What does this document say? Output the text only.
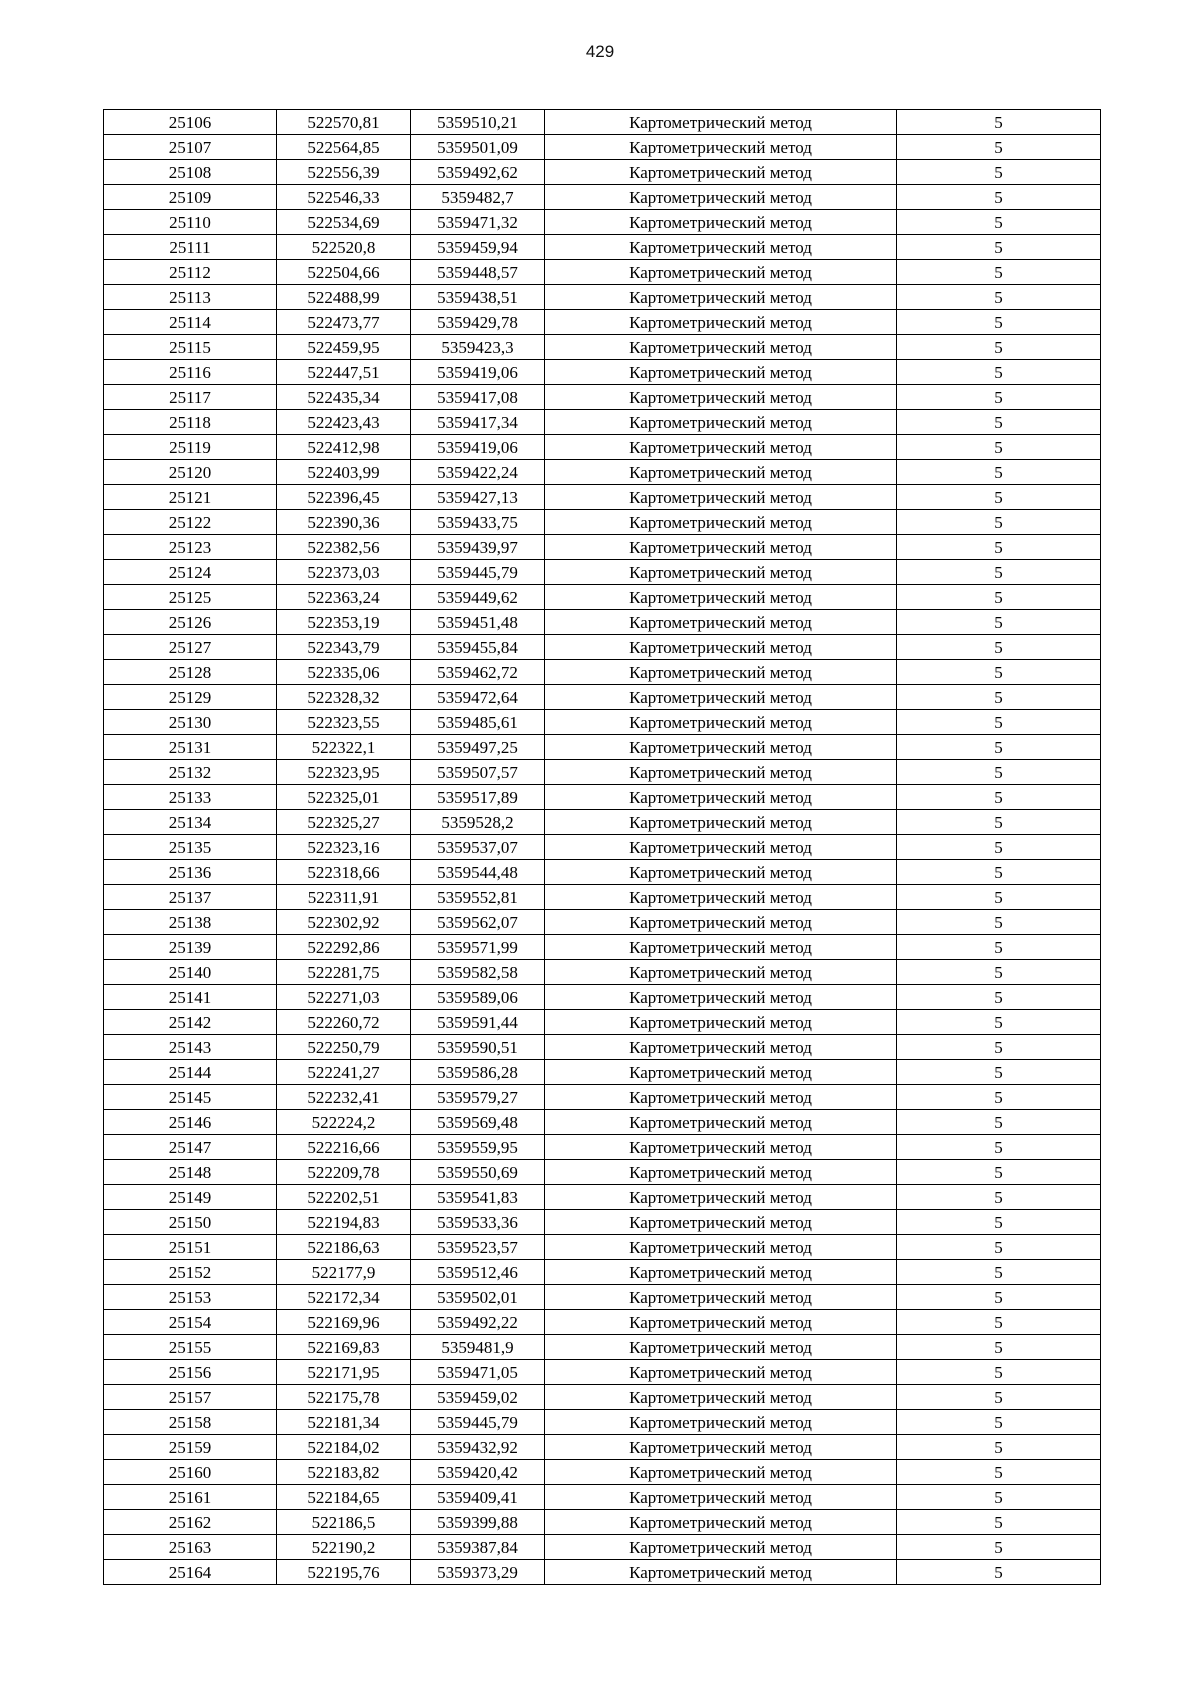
429
25106	522570,81	5359510,21	Картометрический метод	5
25107	522564,85	5359501,09	Картометрический метод	5
25108	522556,39	5359492,62	Картометрический метод	5
25109	522546,33	5359482,7	Картометрический метод	5
25110	522534,69	5359471,32	Картометрический метод	5
25111	522520,8	5359459,94	Картометрический метод	5
25112	522504,66	5359448,57	Картометрический метод	5
25113	522488,99	5359438,51	Картометрический метод	5
25114	522473,77	5359429,78	Картометрический метод	5
25115	522459,95	5359423,3	Картометрический метод	5
25116	522447,51	5359419,06	Картометрический метод	5
25117	522435,34	5359417,08	Картометрический метод	5
25118	522423,43	5359417,34	Картометрический метод	5
25119	522412,98	5359419,06	Картометрический метод	5
25120	522403,99	5359422,24	Картометрический метод	5
25121	522396,45	5359427,13	Картометрический метод	5
25122	522390,36	5359433,75	Картометрический метод	5
25123	522382,56	5359439,97	Картометрический метод	5
25124	522373,03	5359445,79	Картометрический метод	5
25125	522363,24	5359449,62	Картометрический метод	5
25126	522353,19	5359451,48	Картометрический метод	5
25127	522343,79	5359455,84	Картометрический метод	5
25128	522335,06	5359462,72	Картометрический метод	5
25129	522328,32	5359472,64	Картометрический метод	5
25130	522323,55	5359485,61	Картометрический метод	5
25131	522322,1	5359497,25	Картометрический метод	5
25132	522323,95	5359507,57	Картометрический метод	5
25133	522325,01	5359517,89	Картометрический метод	5
25134	522325,27	5359528,2	Картометрический метод	5
25135	522323,16	5359537,07	Картометрический метод	5
25136	522318,66	5359544,48	Картометрический метод	5
25137	522311,91	5359552,81	Картометрический метод	5
25138	522302,92	5359562,07	Картометрический метод	5
25139	522292,86	5359571,99	Картометрический метод	5
25140	522281,75	5359582,58	Картометрический метод	5
25141	522271,03	5359589,06	Картометрический метод	5
25142	522260,72	5359591,44	Картометрический метод	5
25143	522250,79	5359590,51	Картометрический метод	5
25144	522241,27	5359586,28	Картометрический метод	5
25145	522232,41	5359579,27	Картометрический метод	5
25146	522224,2	5359569,48	Картометрический метод	5
25147	522216,66	5359559,95	Картометрический метод	5
25148	522209,78	5359550,69	Картометрический метод	5
25149	522202,51	5359541,83	Картометрический метод	5
25150	522194,83	5359533,36	Картометрический метод	5
25151	522186,63	5359523,57	Картометрический метод	5
25152	522177,9	5359512,46	Картометрический метод	5
25153	522172,34	5359502,01	Картометрический метод	5
25154	522169,96	5359492,22	Картометрический метод	5
25155	522169,83	5359481,9	Картометрический метод	5
25156	522171,95	5359471,05	Картометрический метод	5
25157	522175,78	5359459,02	Картометрический метод	5
25158	522181,34	5359445,79	Картометрический метод	5
25159	522184,02	5359432,92	Картометрический метод	5
25160	522183,82	5359420,42	Картометрический метод	5
25161	522184,65	5359409,41	Картометрический метод	5
25162	522186,5	5359399,88	Картометрический метод	5
25163	522190,2	5359387,84	Картометрический метод	5
25164	522195,76	5359373,29	Картометрический метод	5
